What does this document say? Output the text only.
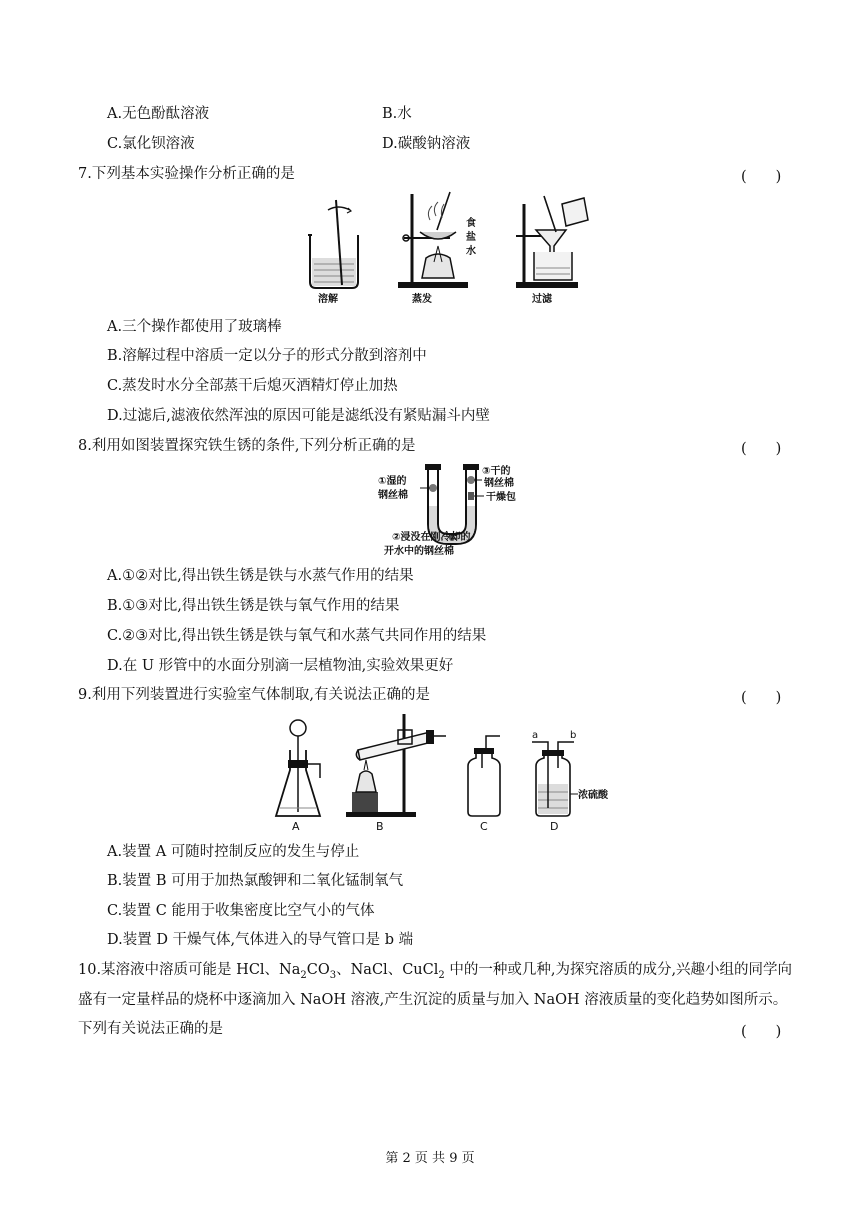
A.无色酚酞溶液	B.水
C.氯化钡溶液	D.碳酸钠溶液
7.下列基本实验操作分析正确的是	(　　)
溶解
食
盐
水
蒸发	过滤
A.三个操作都使用了玻璃棒
B.溶解过程中溶质一定以分子的形式分散到溶剂中
C.蒸发时水分全部蒸干后熄灭酒精灯停止加热
D.过滤后,滤液依然浑浊的原因可能是滤纸没有紧贴漏斗内壁
8.利用如图装置探究铁生锈的条件,下列分析正确的是	(　　)
①湿的
钢丝棉
③干的
钢丝棉
干燥包
②浸没在刚冷却的
开水中的钢丝棉
A.①②对比,得出铁生锈是铁与水蒸气作用的结果
B.①③对比,得出铁生锈是铁与氧气作用的结果
C.②③对比,得出铁生锈是铁与氧气和水蒸气共同作用的结果
D.在 U 形管中的水面分别滴一层植物油,实验效果更好
9.利用下列装置进行实验室气体制取,有关说法正确的是	(　　)
A	B	C
a	b
浓硫酸
D
A.装置 A 可随时控制反应的发生与停止
B.装置 B 可用于加热氯酸钾和二氧化锰制氧气
C.装置 C 能用于收集密度比空气小的气体
D.装置 D 干燥气体,气体进入的导气管口是 b 端
10.某溶液中溶质可能是 HCl、$Na_2CO_3$、NaCl、CuCl$_2$ 中的一种或几种,为探究溶质的成分,兴趣小组的同学向
盛有一定量样品的烧杯中逐滴加入 NaOH 溶液,产生沉淀的质量与加入 NaOH 溶液质量的变化趋势如图所示。
下列有关说法正确的是	(　　)
第 2 页 共 9 页
